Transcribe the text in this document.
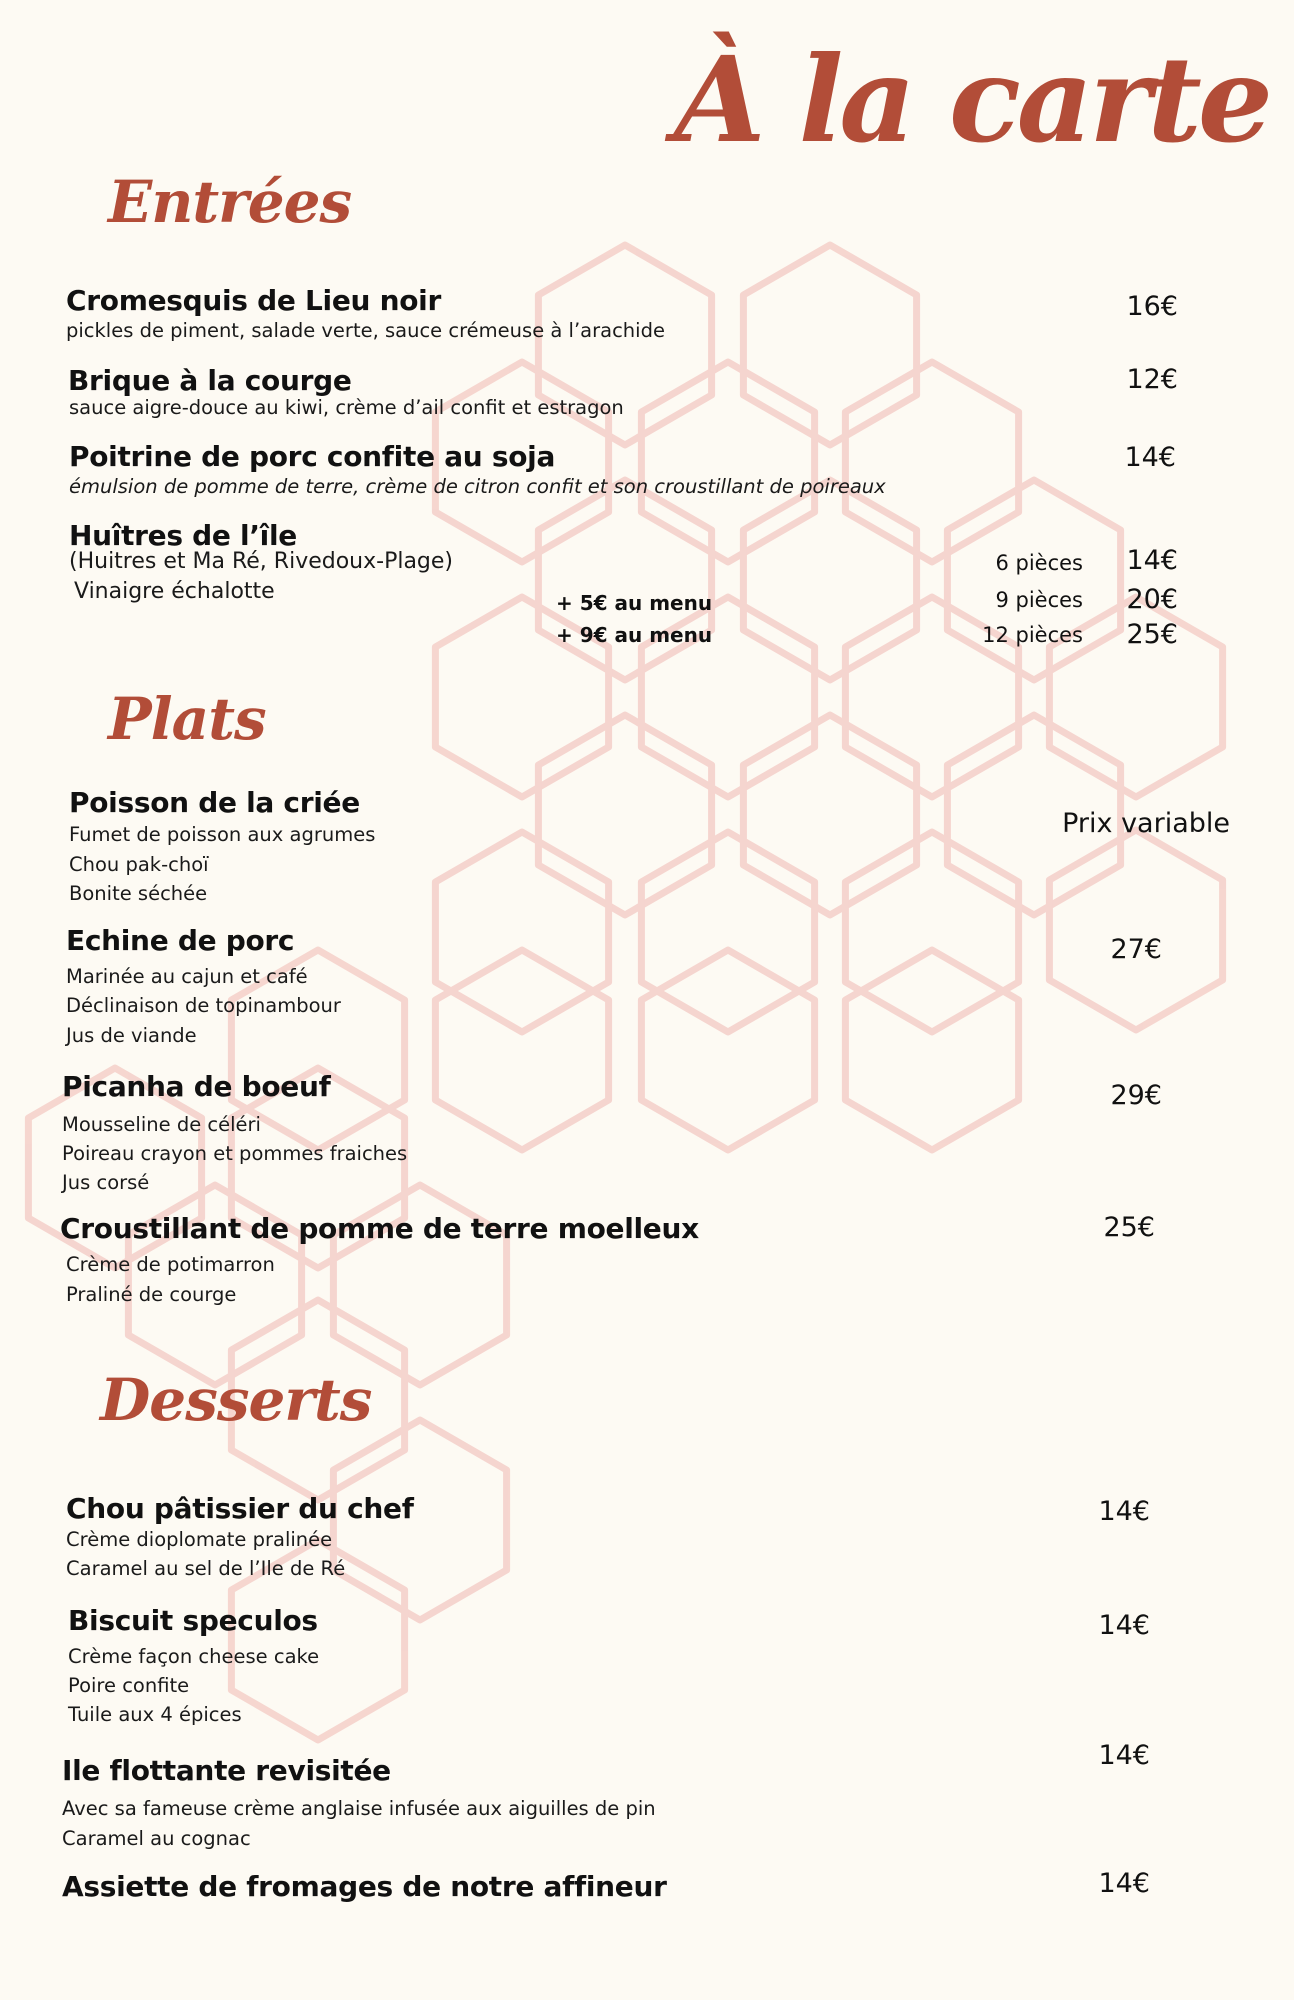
À la carte
Entrées
Cromesquis de Lieu noir
pickles de piment, salade verte, sauce crémeuse à l’arachide
16€
Brique à la courge
sauce aigre-douce au kiwi, crème d’ail confit et estragon
12€
Poitrine de porc confite au soja
émulsion de pomme de terre, crème de citron confit et son croustillant de poireaux
14€
Huîtres de l’île
(Huitres et Ma Ré, Rivedoux-Plage)
Vinaigre échalotte	+ 5€ au menu
+ 9€ au menu
6 pièces	14€
9 pièces	20€
12 pièces	25€
Plats
Poisson de la criée
Fumet de poisson aux agrumes
Chou pak-choï
Bonite séchée
Prix variable
Echine de porc
Marinée au cajun et café
Déclinaison de topinambour
Jus de viande
27€
Picanha de boeuf
Mousseline de céléri
Poireau crayon et pommes fraiches
Jus corsé
29€
Croustillant de pomme de terre moelleux
Crème de potimarron
Praliné de courge
25€
Desserts
Chou pâtissier du chef
Crème dioplomate pralinée
Caramel au sel de l’Ile de Ré
14€
Biscuit speculos
Crème façon cheese cake
Poire confite
Tuile aux 4 épices
14€
Ile flottante revisitée
Avec sa fameuse crème anglaise infusée aux aiguilles de pin
Caramel au cognac
14€
Assiette de fromages de notre affineur	14€
